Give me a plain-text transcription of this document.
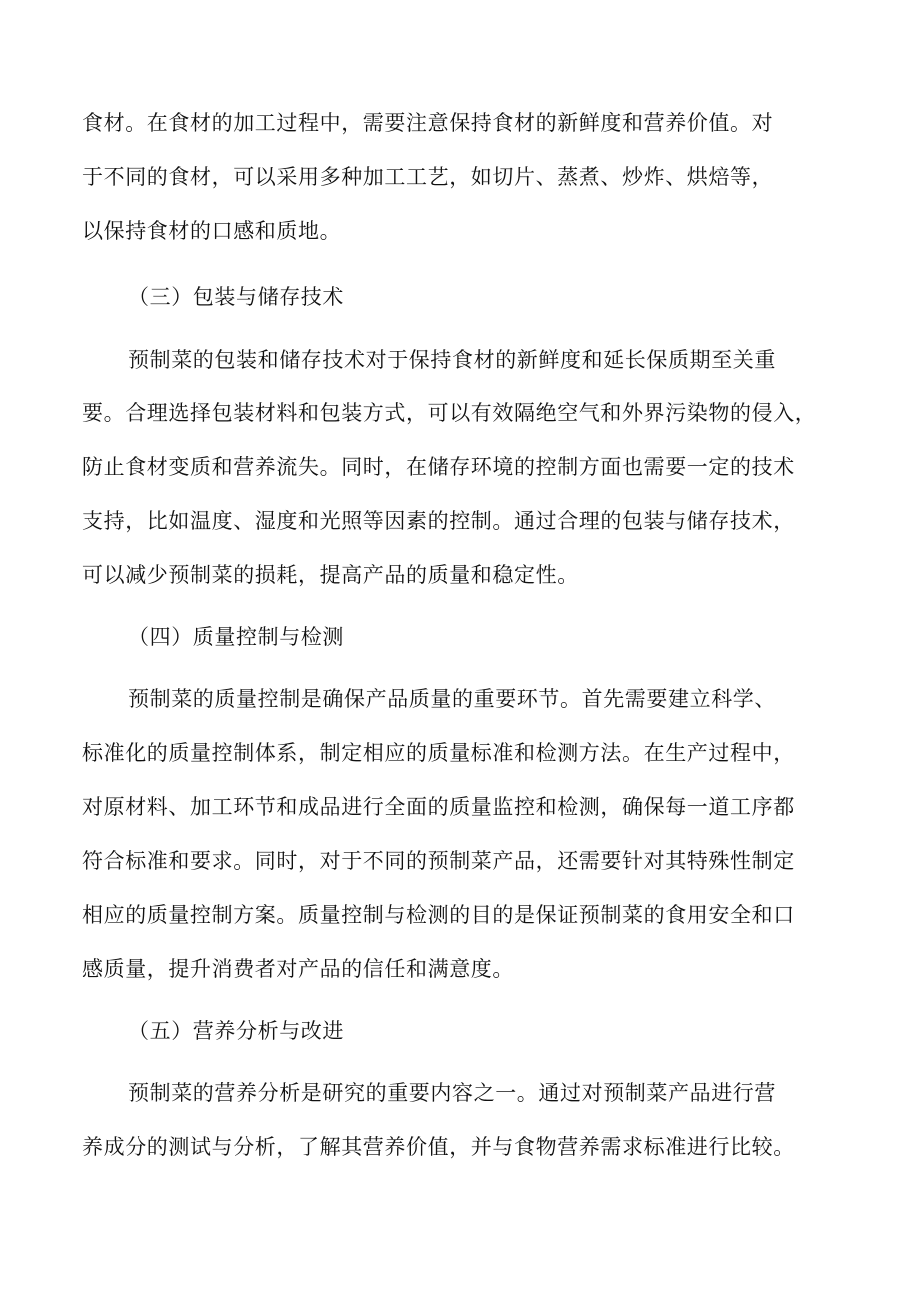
食材。在食材的加工过程中，需要注意保持食材的新鲜度和营养价值。对
于不同的食材，可以采用多种加工工艺，如切片、蒸煮、炒炸、烘焙等，
以保持食材的口感和质地。
（三）包装与储存技术
预制菜的包装和储存技术对于保持食材的新鲜度和延长保质期至关重
要。合理选择包装材料和包装方式，可以有效隔绝空气和外界污染物的侵入，
防止食材变质和营养流失。同时，在储存环境的控制方面也需要一定的技术
支持，比如温度、湿度和光照等因素的控制。通过合理的包装与储存技术，
可以减少预制菜的损耗，提高产品的质量和稳定性。
（四）质量控制与检测
预制菜的质量控制是确保产品质量的重要环节。首先需要建立科学、
标准化的质量控制体系，制定相应的质量标准和检测方法。在生产过程中，
对原材料、加工环节和成品进行全面的质量监控和检测，确保每一道工序都
符合标准和要求。同时，对于不同的预制菜产品，还需要针对其特殊性制定
相应的质量控制方案。质量控制与检测的目的是保证预制菜的食用安全和口
感质量，提升消费者对产品的信任和满意度。
（五）营养分析与改进
预制菜的营养分析是研究的重要内容之一。通过对预制菜产品进行营
养成分的测试与分析，了解其营养价值，并与食物营养需求标准进行比较。
